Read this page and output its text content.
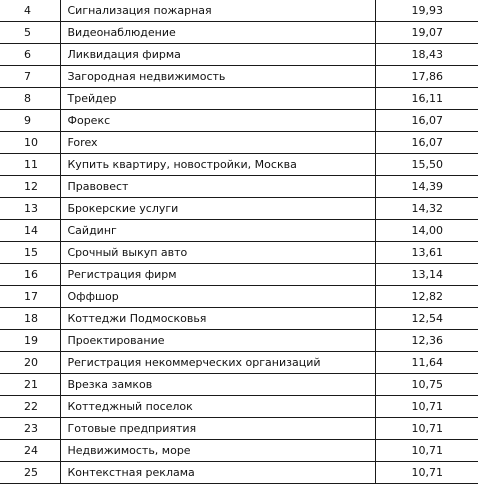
4	Сигнализация пожарная	19,93
5	Видеонаблюдение	19,07
6	Ликвидация фирма	18,43
7	Загородная недвижимость	17,86
8	Трейдер	16,11
9	Форекс	16,07
10	Forex	16,07
11	Купить квартиру, новостройки, Москва	15,50
12	Правовест	14,39
13	Брокерские услуги	14,32
14	Сайдинг	14,00
15	Срочный выкуп авто	13,61
16	Регистрация фирм	13,14
17	Оффшор	12,82
18	Коттеджи Подмосковья	12,54
19	Проектирование	12,36
20	Регистрация некоммерческих организаций	11,64
21	Врезка замков	10,75
22	Коттеджный поселок	10,71
23	Готовые предприятия	10,71
24	Недвижимость, море	10,71
25	Контекстная реклама	10,71
